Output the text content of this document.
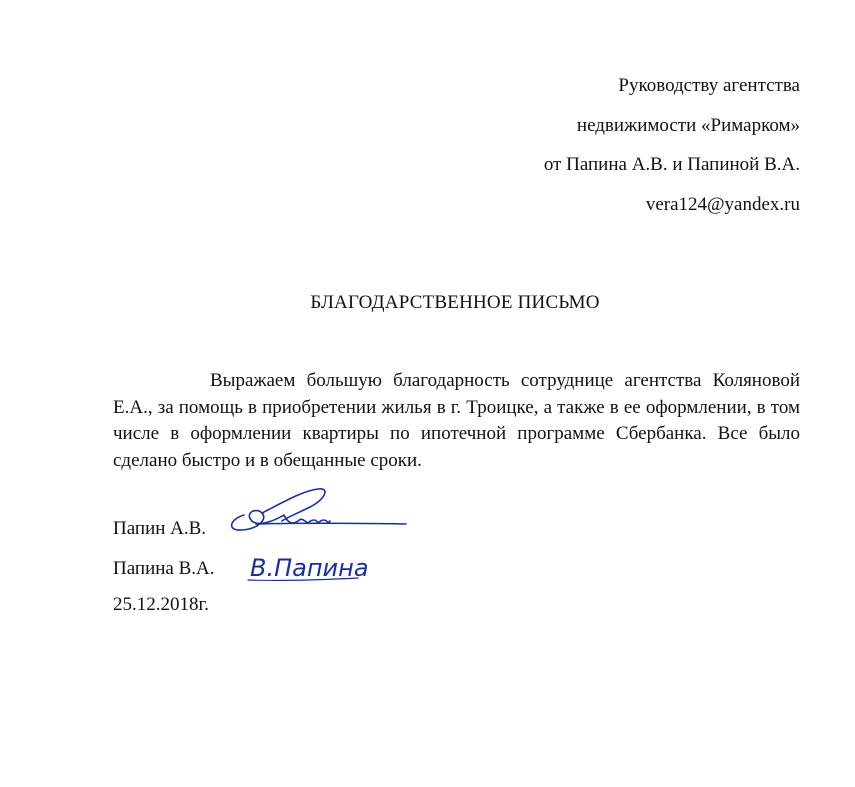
Руководству агентства
недвижимости «Римарком»
от Папина А.В. и Папиной В.А.
vera124@yandex.ru
БЛАГОДАРСТВЕННОЕ ПИСЬМО
Выражаем большую благодарность сотруднице агентства Коляновой Е.А., за помощь в приобретении жилья в г. Троицке, а также в ее оформлении, в том числе в оформлении квартиры по ипотечной программе Сбербанка. Все было сделано быстро и в обещанные сроки.
Папин А.В.
Папина В.А.
25.12.2018г.
В.Папина
